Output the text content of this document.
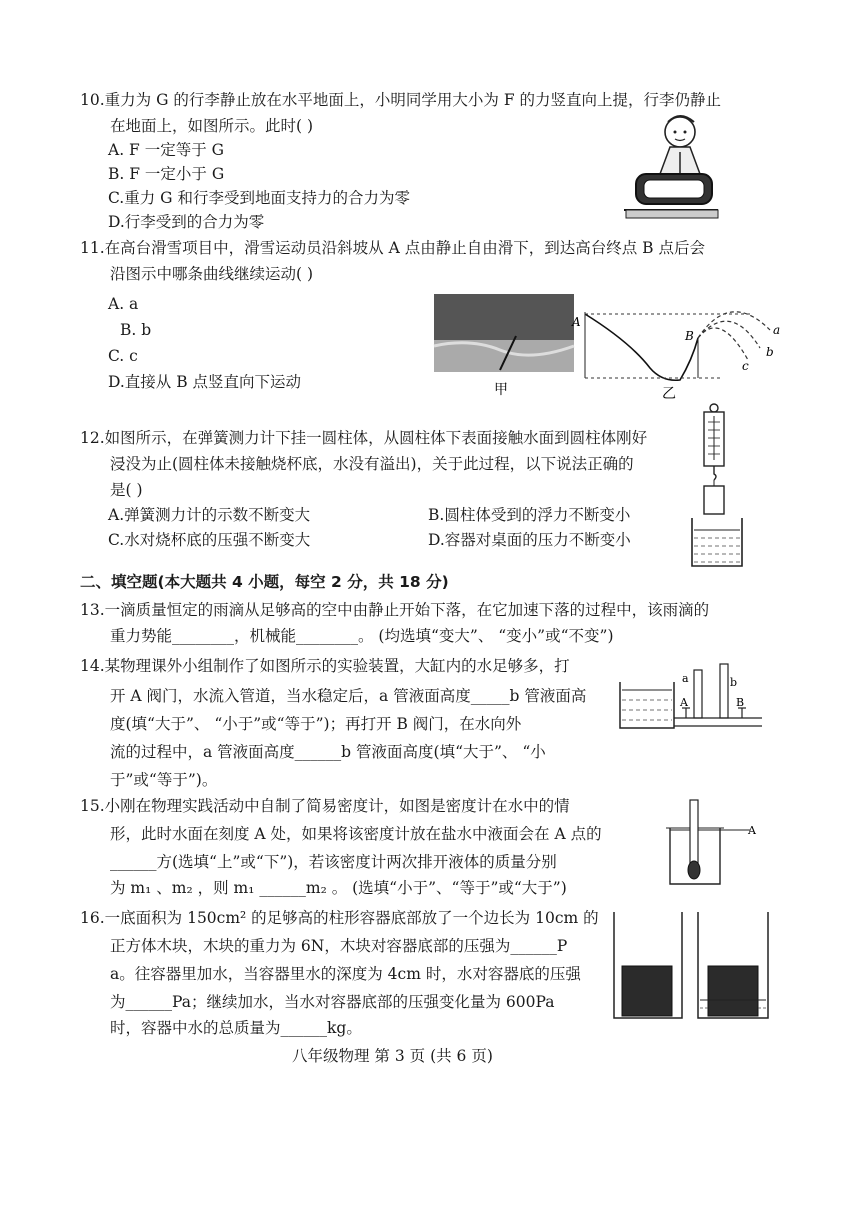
10.重力为 G 的行李静止放在水平地面上，小明同学用大小为 F 的力竖直向上提，行李仍静止
在地面上，如图所示。此时( )
A. F 一定等于 G
B. F 一定小于 G
C.重力 G 和行李受到地面支持力的合力为零
D.行李受到的合力为零
11.在高台滑雪项目中，滑雪运动员沿斜坡从 A 点由静止自由滑下，到达高台终点 B 点后会
沿图示中哪条曲线继续运动( )
A. a
B. b
C. c
D.直接从 B 点竖直向下运动	甲
A
B	a
b
c
乙
12.如图所示，在弹簧测力计下挂一圆柱体，从圆柱体下表面接触水面到圆柱体刚好
浸没为止(圆柱体未接触烧杯底，水没有溢出)，关于此过程，以下说法正确的
是( )
A.弹簧测力计的示数不断变大	B.圆柱体受到的浮力不断变小
C.水对烧杯底的压强不断变大	D.容器对桌面的压力不断变小
二、填空题(本大题共 4 小题，每空 2 分，共 18 分)
13.一滴质量恒定的雨滴从足够高的空中由静止开始下落，在它加速下落的过程中，该雨滴的
重力势能________，机械能________。 (均选填“变大”、 “变小”或“不变”)
14.某物理课外小组制作了如图所示的实验装置，大缸内的水足够多，打
开 A 阀门，水流入管道，当水稳定后，a 管液面高度_____b 管液面高
度(填“大于”、 “小于”或“等于”)；再打开 B 阀门，在水向外
流的过程中，a 管液面高度______b 管液面高度(填“大于”、 “小
于”或“等于”)。
a	b
A	B
15.小刚在物理实践活动中自制了简易密度计，如图是密度计在水中的情
形，此时水面在刻度 A 处，如果将该密度计放在盐水中液面会在 A 点的
______方(选填“上”或“下”)，若该密度计两次排开液体的质量分别
为 m₁ 、m₂ ，则 m₁ ______m₂ 。 (选填“小于”、“等于”或“大于”)
A
16.一底面积为 150cm² 的足够高的柱形容器底部放了一个边长为 10cm 的
正方体木块，木块的重力为 6N，木块对容器底部的压强为______P
a。往容器里加水，当容器里水的深度为 4cm 时，水对容器底的压强
为______Pa；继续加水，当水对容器底部的压强变化量为 600Pa
时，容器中水的总质量为______kg。
八年级物理 第 3 页 (共 6 页)
